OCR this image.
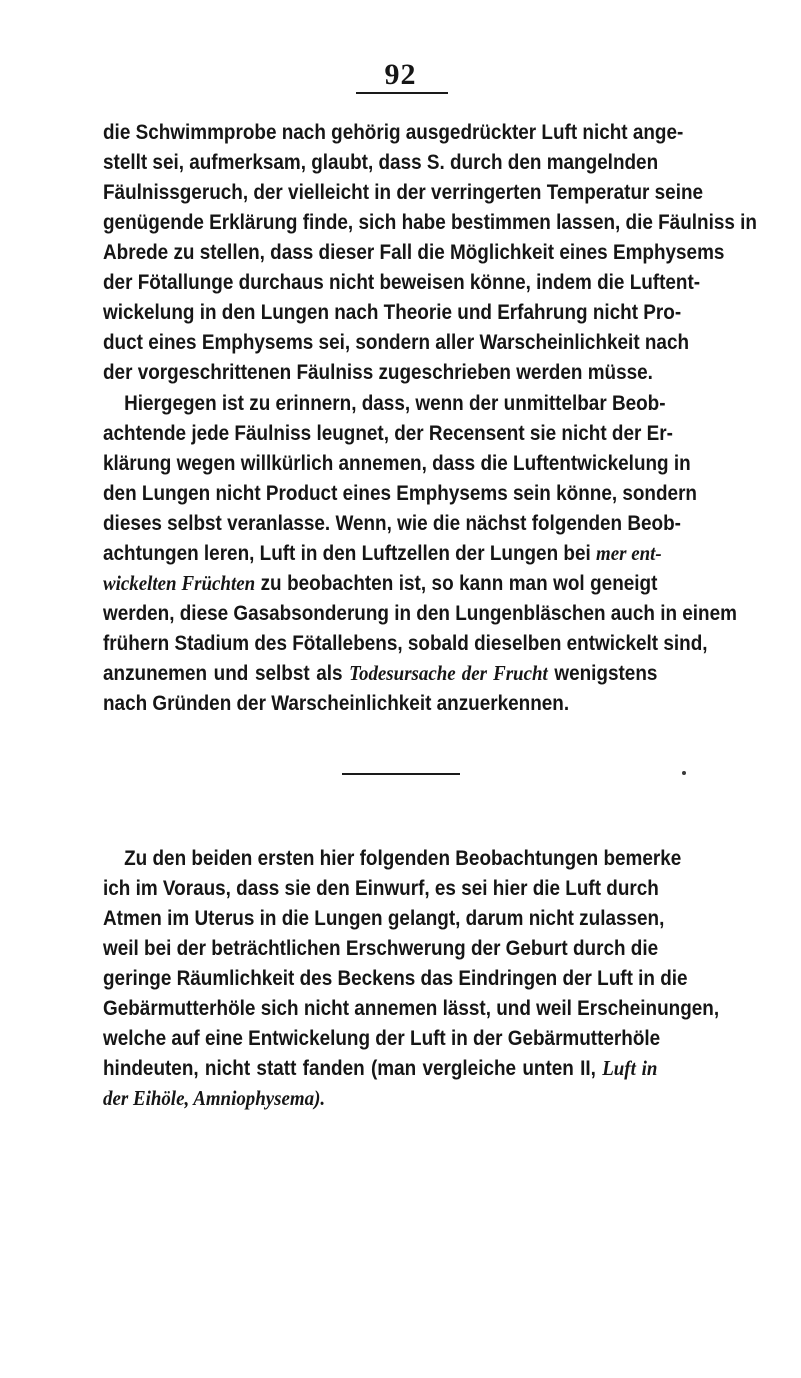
92
die Schwimmprobe nach gehörig ausgedrückter Luft nicht ange-
stellt sei, aufmerksam, glaubt, dass S. durch den mangelnden
Fäulnissgeruch, der vielleicht in der verringerten Temperatur seine
genügende Erklärung finde, sich habe bestimmen lassen, die Fäulniss in
Abrede zu stellen, dass dieser Fall die Möglichkeit eines Emphysems
der Fötallunge durchaus nicht beweisen könne, indem die Luftent-
wickelung in den Lungen nach Theorie und Erfahrung nicht Pro-
duct eines Emphysems sei, sondern aller Warscheinlichkeit nach
der vorgeschrittenen Fäulniss zugeschrieben werden müsse.
Hiergegen ist zu erinnern, dass, wenn der unmittelbar Beob-
achtende jede Fäulniss leugnet, der Recensent sie nicht der Er-
klärung wegen willkürlich annemen, dass die Luftentwickelung in
den Lungen nicht Product eines Emphysems sein könne, sondern
dieses selbst veranlasse. Wenn, wie die nächst folgenden Beob-
achtungen leren, Luft in den Luftzellen der Lungen bei mer ent-
wickelten Früchten zu beobachten ist, so kann man wol geneigt
werden, diese Gasabsonderung in den Lungenbläschen auch in einem
frühern Stadium des Fötallebens, sobald dieselben entwickelt sind,
anzunemen und selbst als Todesursache der Frucht wenigstens
nach Gründen der Warscheinlichkeit anzuerkennen.
Zu den beiden ersten hier folgenden Beobachtungen bemerke
ich im Voraus, dass sie den Einwurf, es sei hier die Luft durch
Atmen im Uterus in die Lungen gelangt, darum nicht zulassen,
weil bei der beträchtlichen Erschwerung der Geburt durch die
geringe Räumlichkeit des Beckens das Eindringen der Luft in die
Gebärmutterhöle sich nicht annemen lässt, und weil Erscheinungen,
welche auf eine Entwickelung der Luft in der Gebärmutterhöle
hindeuten, nicht statt fanden (man vergleiche unten II, Luft in
der Eihöle, Amniophysema).
